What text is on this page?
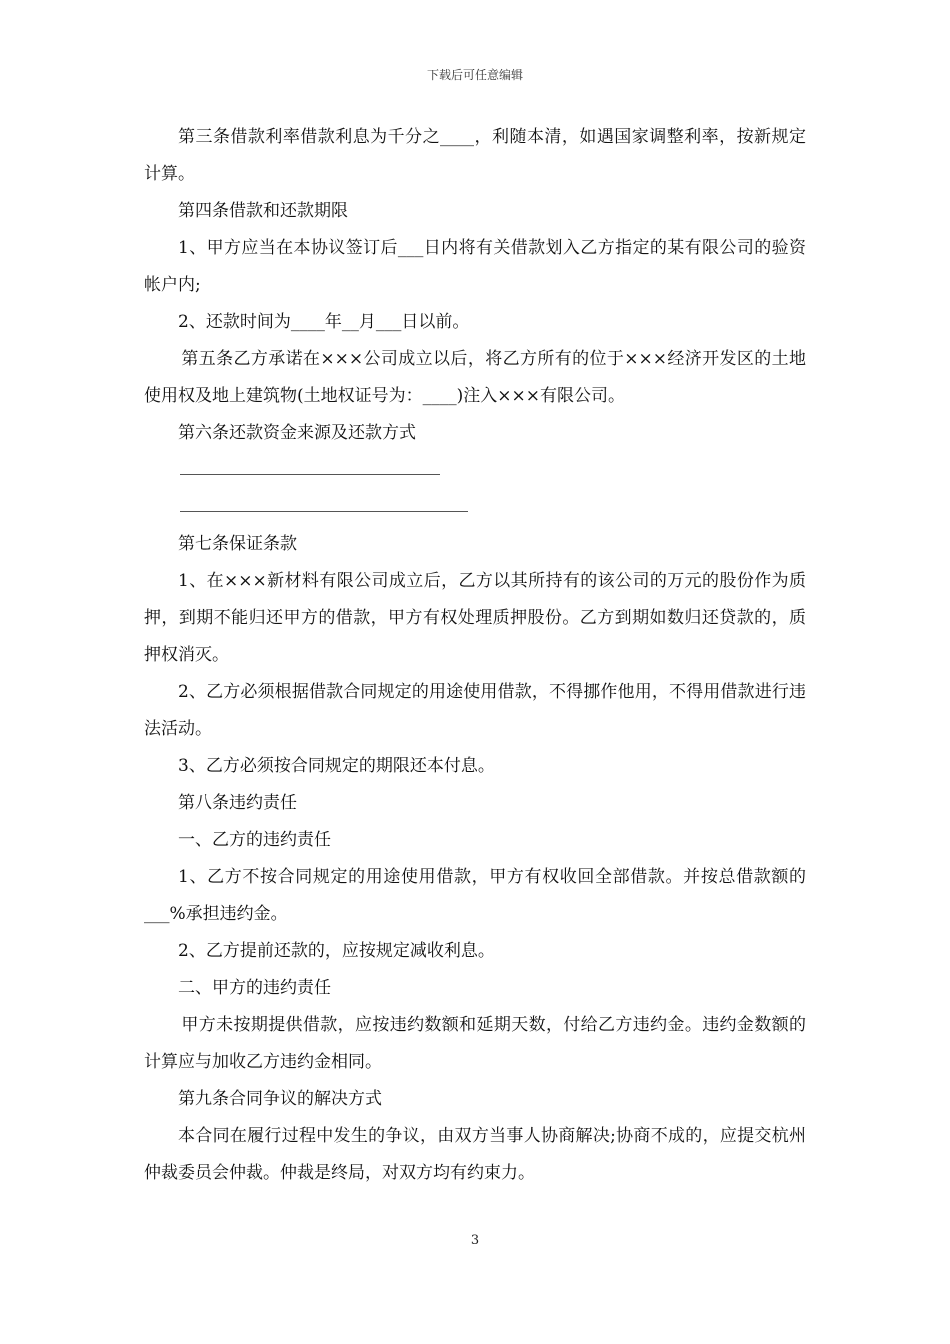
下载后可任意编辑

第三条借款利率借款利息为千分之____，利随本清，如遇国家调整利率，按新规定计算。

第四条借款和还款期限

1、甲方应当在本协议签订后___日内将有关借款划入乙方指定的某有限公司的验资帐户内;

2、还款时间为____年__月___日以前。

第五条乙方承诺在×××公司成立以后，将乙方所有的位于×××经济开发区的土地使用权及地上建筑物(土地权证号为：____)注入×××有限公司。

第六条还款资金来源及还款方式

第七条保证条款

1、在×××新材料有限公司成立后，乙方以其所持有的该公司的万元的股份作为质押，到期不能归还甲方的借款，甲方有权处理质押股份。乙方到期如数归还贷款的，质押权消灭。

2、乙方必须根据借款合同规定的用途使用借款，不得挪作他用，不得用借款进行违法活动。

3、乙方必须按合同规定的期限还本付息。

第八条违约责任

一、乙方的违约责任

1、乙方不按合同规定的用途使用借款，甲方有权收回全部借款。并按总借款额的___%承担违约金。

2、乙方提前还款的，应按规定减收利息。

二、甲方的违约责任

甲方未按期提供借款，应按违约数额和延期天数，付给乙方违约金。违约金数额的计算应与加收乙方违约金相同。

第九条合同争议的解决方式

本合同在履行过程中发生的争议，由双方当事人协商解决;协商不成的，应提交杭州仲裁委员会仲裁。仲裁是终局，对双方均有约束力。

3
